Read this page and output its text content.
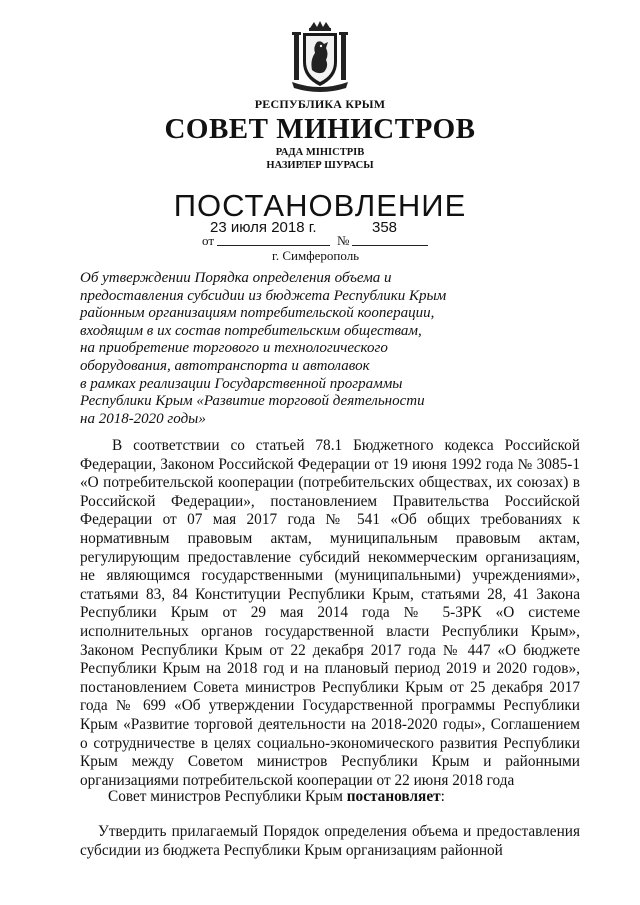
РЕСПУБЛИКА КРЫМ
СОВЕТ МИНИСТРОВ
РАДА МІНІСТРІВ
НАЗИРЛЕР ШУРАСЫ
ПОСТАНОВЛЕНИЕ
23 июля 2018 г.	358
от	№
г. Симферополь
Об утверждении Порядка определения объема и
предоставления субсидии из бюджета Республики Крым
районным организациям потребительской кооперации,
входящим в их состав потребительским обществам,
на приобретение торгового и технологического
оборудования, автотранспорта и автолавок
в рамках реализации Государственной программы
Республики Крым «Развитие торговой деятельности
на 2018-2020 годы»

В соответствии со статьей 78.1 Бюджетного кодекса Российской Федерации, Законом Российской Федерации от 19 июня 1992 года № 3085-1 «О потребительской кооперации (потребительских обществах, их союзах) в Российской Федерации», постановлением Правительства Российской Федерации от 07 мая 2017 года № 541 «Об общих требованиях к нормативным правовым актам, муниципальным правовым актам, регулирующим предоставление субсидий некоммерческим организациям, не являющимся государственными (муниципальными) учреждениями», статьями 83, 84 Конституции Республики Крым, статьями 28, 41 Закона Республики Крым от 29 мая 2014 года № 5-ЗРК «О системе исполнительных органов государственной власти Республики Крым», Законом Республики Крым от 22 декабря 2017 года № 447 «О бюджете Республики Крым на 2018 год и на плановый период 2019 и 2020 годов», постановлением Совета министров Республики Крым от 25 декабря 2017 года № 699 «Об утверждении Государственной программы Республики Крым «Развитие торговой деятельности на 2018-2020 годы», Соглашением о сотрудничестве в целях социально-экономического развития Республики Крым между Советом министров Республики Крым и районными организациями потребительской кооперации от 22 июня 2018 года

Совет министров Республики Крым постановляет:
Утвердить прилагаемый Порядок определения объема и предоставления субсидии из бюджета Республики Крым организациям районной
